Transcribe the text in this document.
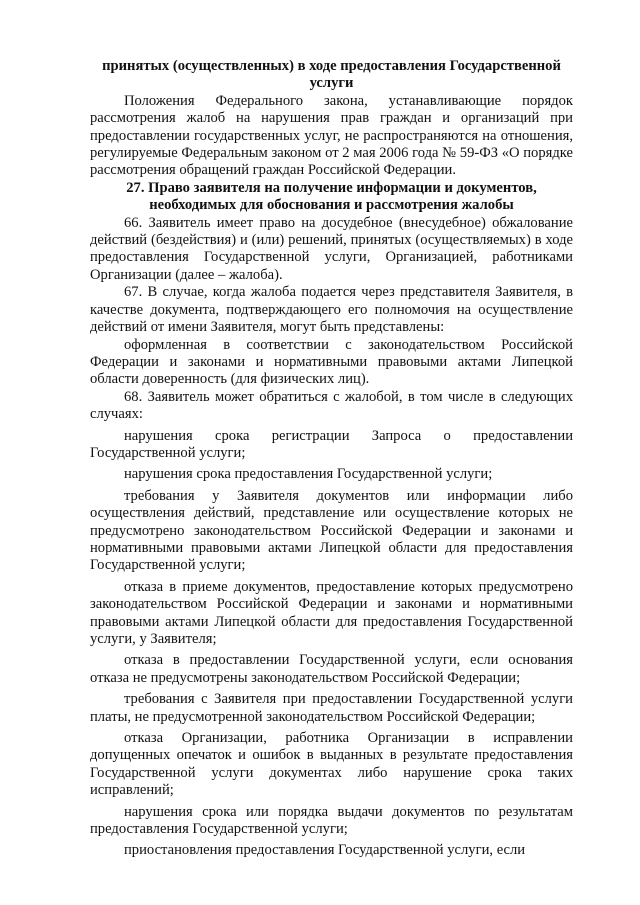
принятых (осуществленных) в ходе предоставления Государственной услуги

Положения Федерального закона, устанавливающие порядок рассмотрения жалоб на нарушения прав граждан и организаций при предоставлении государственных услуг, не распространяются на отношения, регулируемые Федеральным законом от 2 мая 2006 года № 59-ФЗ «О порядке рассмотрения обращений граждан Российской Федерации.

27. Право заявителя на получение информации и документов, необходимых для обоснования и рассмотрения жалобы

66. Заявитель имеет право на досудебное (внесудебное) обжалование действий (бездействия) и (или) решений, принятых (осуществляемых) в ходе предоставления Государственной услуги, Организацией, работниками Организации (далее – жалоба).

67. В случае, когда жалоба подается через представителя Заявителя, в качестве документа, подтверждающего его полномочия на осуществление действий от имени Заявителя, могут быть представлены:

оформленная в соответствии с законодательством Российской Федерации и законами и нормативными правовыми актами Липецкой области доверенность (для физических лиц).

68. Заявитель может обратиться с жалобой, в том числе в следующих случаях:

нарушения срока регистрации Запроса о предоставлении Государственной услуги;

нарушения срока предоставления Государственной услуги;

требования у Заявителя документов или информации либо осуществления действий, представление или осуществление которых не предусмотрено законодательством Российской Федерации и законами и нормативными правовыми актами Липецкой области для предоставления Государственной услуги;

отказа в приеме документов, предоставление которых предусмотрено законодательством Российской Федерации и законами и нормативными правовыми актами Липецкой области для предоставления Государственной услуги, у Заявителя;

отказа в предоставлении Государственной услуги, если основания отказа не предусмотрены законодательством Российской Федерации;

требования с Заявителя при предоставлении Государственной услуги платы, не предусмотренной законодательством Российской Федерации;

отказа Организации, работника Организации в исправлении допущенных опечаток и ошибок в выданных в результате предоставления Государственной услуги документах либо нарушение срока таких исправлений;

нарушения срока или порядка выдачи документов по результатам предоставления Государственной услуги;

приостановления предоставления Государственной услуги, если
